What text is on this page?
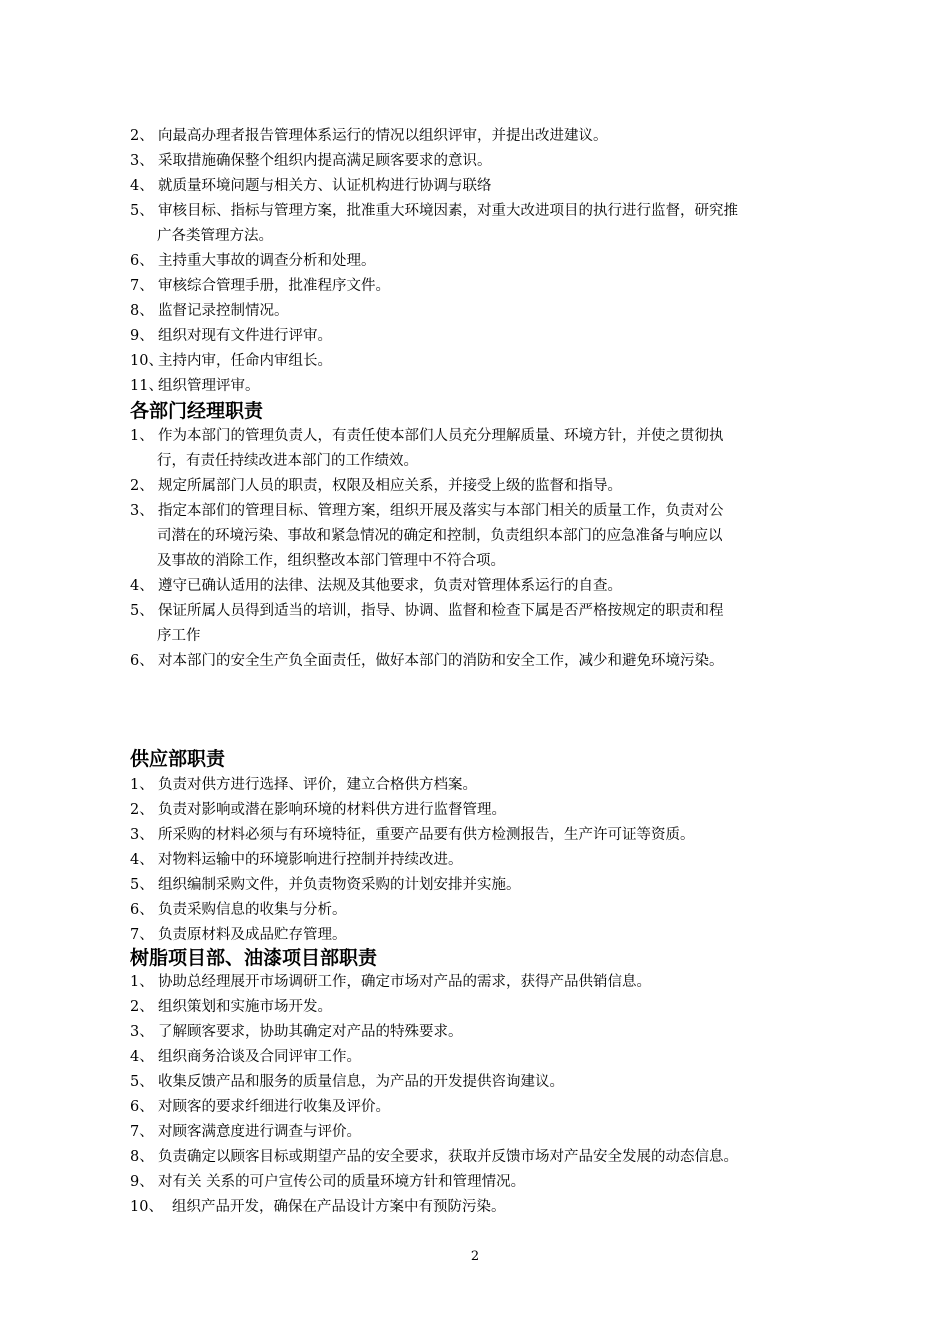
2、 向最高办理者报告管理体系运行的情况以组织评审，并提出改进建议。
3、 采取措施确保整个组织内提高满足顾客要求的意识。
4、 就质量环境问题与相关方、认证机构进行协调与联络
5、 审核目标、指标与管理方案，批准重大环境因素，对重大改进项目的执行进行监督，研究推
广各类管理方法。
6、 主持重大事故的调查分析和处理。
7、 审核综合管理手册，批准程序文件。
8、 监督记录控制情况。
9、 组织对现有文件进行评审。
10、主持内审，任命内审组长。
11、组织管理评审。
各部门经理职责
1、 作为本部门的管理负责人，有责任使本部们人员充分理解质量、环境方针，并使之贯彻执
行，有责任持续改进本部门的工作绩效。
2、 规定所属部门人员的职责，权限及相应关系，并接受上级的监督和指导。
3、 指定本部们的管理目标、管理方案，组织开展及落实与本部门相关的质量工作，负责对公
司潜在的环境污染、事故和紧急情况的确定和控制，负责组织本部门的应急准备与响应以
及事故的消除工作，组织整改本部门管理中不符合项。
4、 遵守已确认适用的法律、法规及其他要求，负责对管理体系运行的自查。
5、 保证所属人员得到适当的培训，指导、协调、监督和检查下属是否严格按规定的职责和程
序工作
6、 对本部门的安全生产负全面责任，做好本部门的消防和安全工作，减少和避免环境污染。
供应部职责
1、 负责对供方进行选择、评价，建立合格供方档案。
2、 负责对影响或潜在影响环境的材料供方进行监督管理。
3、 所采购的材料必须与有环境特征，重要产品要有供方检测报告，生产许可证等资质。
4、 对物料运输中的环境影响进行控制并持续改进。
5、 组织编制采购文件，并负责物资采购的计划安排并实施。
6、 负责采购信息的收集与分析。
7、 负责原材料及成品贮存管理。
树脂项目部、油漆项目部职责
1、 协助总经理展开市场调研工作，确定市场对产品的需求，获得产品供销信息。
2、 组织策划和实施市场开发。
3、 了解顾客要求，协助其确定对产品的特殊要求。
4、 组织商务洽谈及合同评审工作。
5、 收集反馈产品和服务的质量信息，为产品的开发提供咨询建议。
6、 对顾客的要求纤细进行收集及评价。
7、 对顾客满意度进行调查与评价。
8、 负责确定以顾客目标或期望产品的安全要求，获取并反馈市场对产品安全发展的动态信息。
9、 对有关 关系的可户宣传公司的质量环境方针和管理情况。
10、 组织产品开发，确保在产品设计方案中有预防污染。
2
